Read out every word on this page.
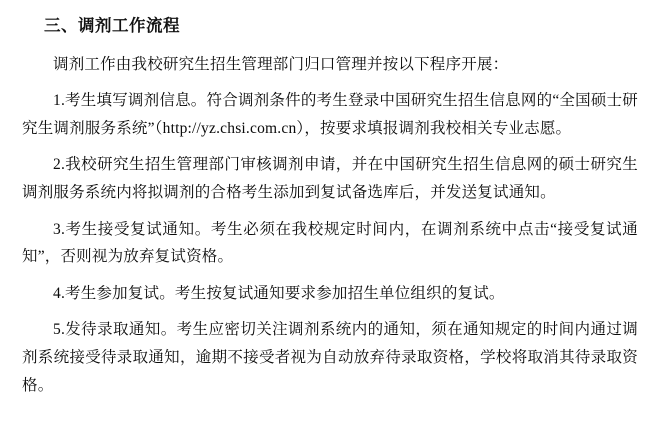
三、调剂工作流程

调剂工作由我校研究生招生管理部门归口管理并按以下程序开展：

1.考生填写调剂信息。符合调剂条件的考生登录中国研究生招生信息网的“全国硕士研究生调剂服务系统”（http://yz.chsi.com.cn），按要求填报调剂我校相关专业志愿。

2.我校研究生招生管理部门审核调剂申请，并在中国研究生招生信息网的硕士研究生调剂服务系统内将拟调剂的合格考生添加到复试备选库后，并发送复试通知。

3.考生接受复试通知。考生必须在我校规定时间内，在调剂系统中点击“接受复试通知”，否则视为放弃复试资格。

4.考生参加复试。考生按复试通知要求参加招生单位组织的复试。

5.发待录取通知。考生应密切关注调剂系统内的通知，须在通知规定的时间内通过调剂系统接受待录取通知，逾期不接受者视为自动放弃待录取资格，学校将取消其待录取资格。
